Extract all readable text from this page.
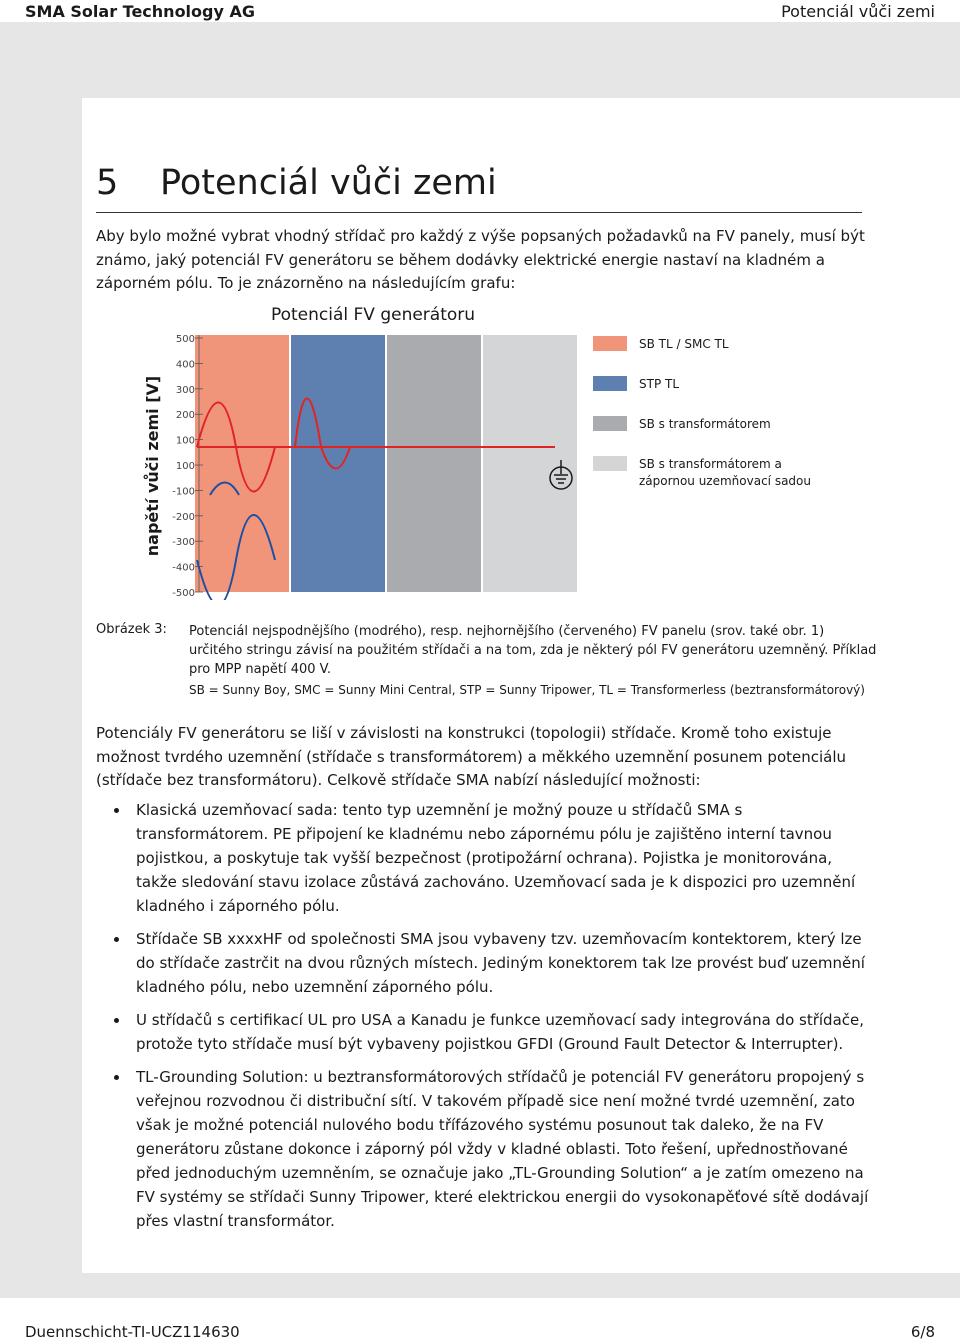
SMA Solar Technology AG	Potenciál vůči zemi
5 Potenciál vůči zemi
Aby bylo možné vybrat vhodný střídač pro každý z výše popsaných požadavků na FV panely, musí být známo, jaký potenciál FV generátoru se během dodávky elektrické energie nastaví na kladném a záporném pólu. To je znázorněno na následujícím grafu:
Potenciál FV generátoru
napětí vůči zemi [V]
500
400
300
200
100
100
-100
-200
-300
-400
-500
SB TL / SMC TL
STP TL
SB s transformátorem
SB s transformátorem a zápornou uzemňovací sadou
Obrázek 3: Potenciál nejspodnějšího (modrého), resp. nejhornějšího (červeného) FV panelu (srov. také obr. 1) určitého stringu závisí na použitém střídači a na tom, zda je některý pól FV generátoru uzemněný. Příklad pro MPP napětí 400 V.
SB = Sunny Boy, SMC = Sunny Mini Central, STP = Sunny Tripower, TL = Transformerless (beztransformátorový)
Potenciály FV generátoru se liší v závislosti na konstrukci (topologii) střídače. Kromě toho existuje možnost tvrdého uzemnění (střídače s transformátorem) a měkkého uzemnění posunem potenciálu (střídače bez transformátoru). Celkově střídače SMA nabízí následující možnosti:
Klasická uzemňovací sada: tento typ uzemnění je možný pouze u střídačů SMA s transformátorem. PE připojení ke kladnému nebo zápornému pólu je zajištěno interní tavnou pojistkou, a poskytuje tak vyšší bezpečnost (protipožární ochrana). Pojistka je monitorována, takže sledování stavu izolace zůstává zachováno. Uzemňovací sada je k dispozici pro uzemnění kladného i záporného pólu.
Střídače SB xxxxHF od společnosti SMA jsou vybaveny tzv. uzemňovacím kontektorem, který lze do střídače zastrčit na dvou různých místech. Jediným konektorem tak lze provést buď uzemnění kladného pólu, nebo uzemnění záporného pólu.
U střídačů s certifikací UL pro USA a Kanadu je funkce uzemňovací sady integrována do střídače, protože tyto střídače musí být vybaveny pojistkou GFDI (Ground Fault Detector & Interrupter).
TL-Grounding Solution: u beztransformátorových střídačů je potenciál FV generátoru propojený s veřejnou rozvodnou či distribuční sítí. V takovém případě sice není možné tvrdé uzemnění, zato však je možné potenciál nulového bodu třífázového systému posunout tak daleko, že na FV generátoru zůstane dokonce i záporný pól vždy v kladné oblasti. Toto řešení, upřednostňované před jednoduchým uzemněním, se označuje jako „TL-Grounding Solution“ a je zatím omezeno na FV systémy se střídači Sunny Tripower, které elektrickou energii do vysokonapěťové sítě dodávají přes vlastní transformátor.
Duennschicht-TI-UCZ114630	6/8
